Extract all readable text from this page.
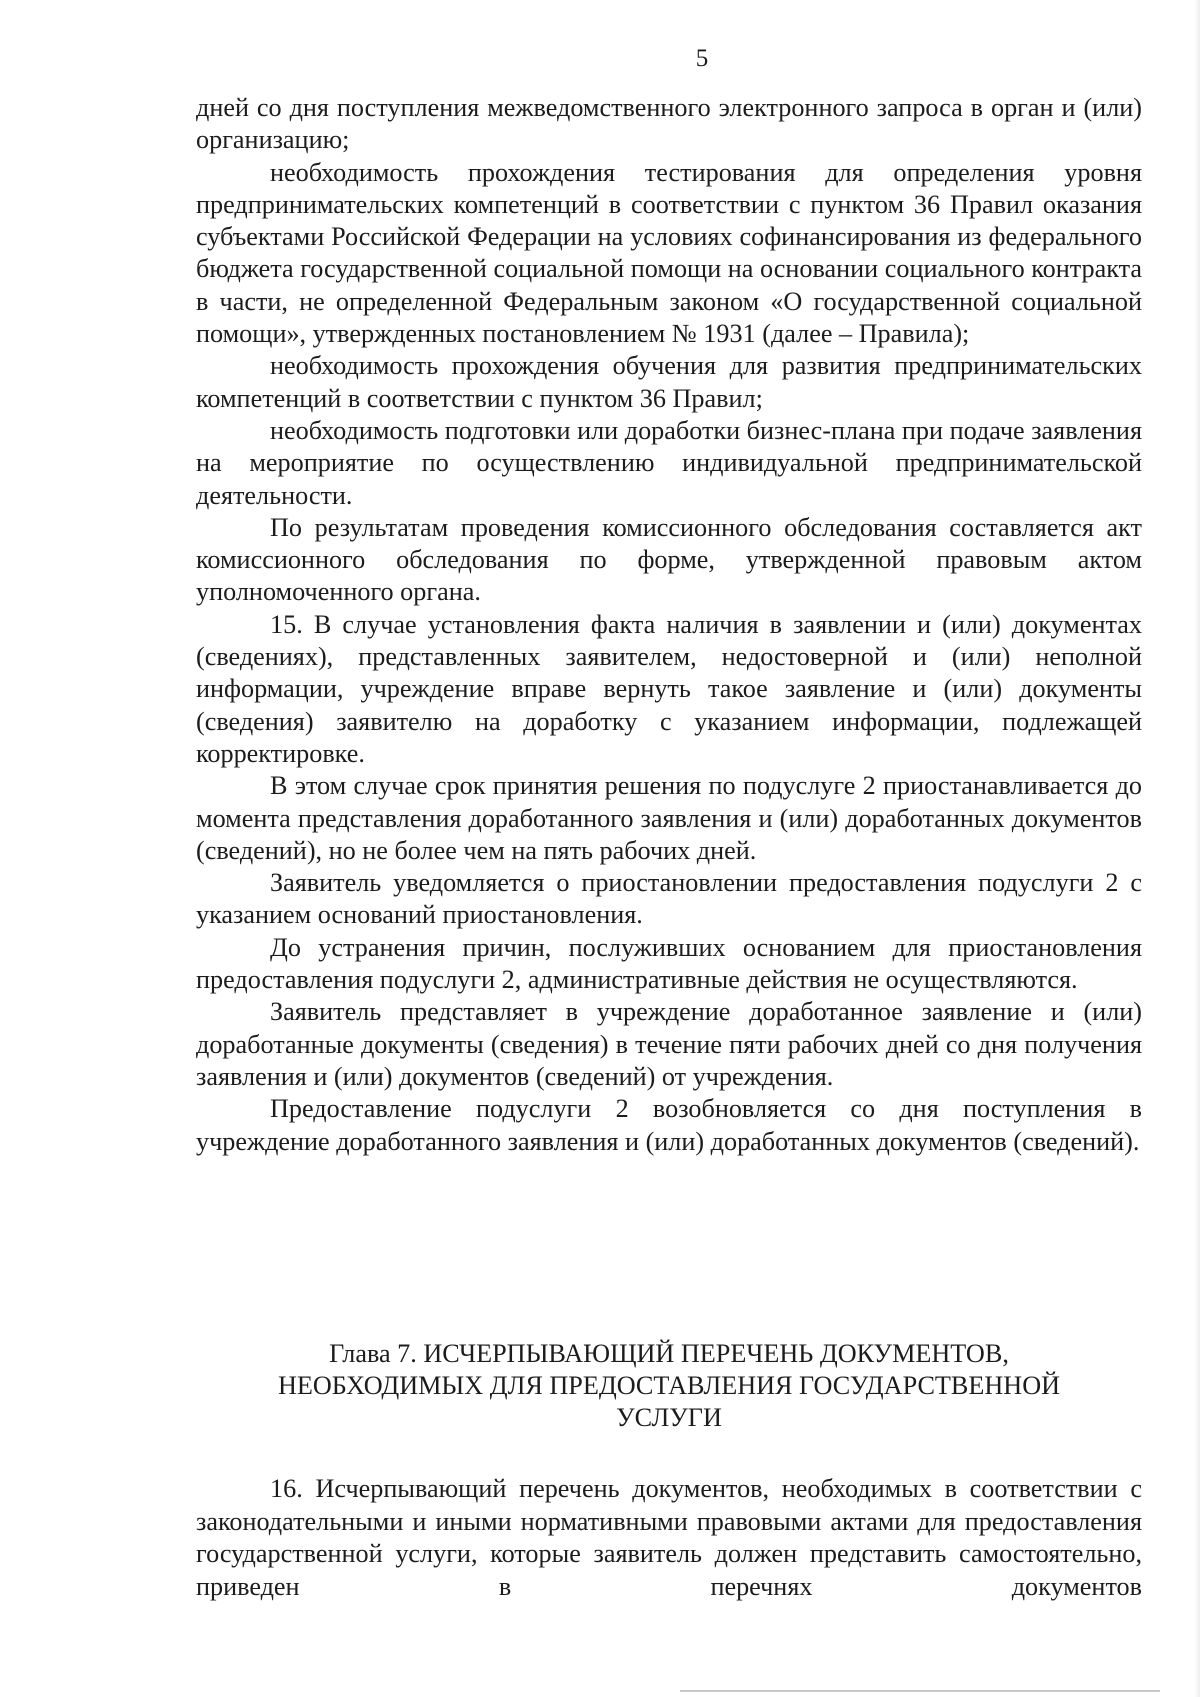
5

дней со дня поступления межведомственного электронного запроса в орган и (или) организацию;

необходимость прохождения тестирования для определения уровня предпринимательских компетенций в соответствии с пунктом 36 Правил оказания субъектами Российской Федерации на условиях софинансирования из федерального бюджета государственной социальной помощи на основании социального контракта в части, не определенной Федеральным законом «О государственной социальной помощи», утвержденных постановлением № 1931 (далее – Правила);

необходимость прохождения обучения для развития предпринимательских компетенций в соответствии с пунктом 36 Правил;

необходимость подготовки или доработки бизнес-плана при подаче заявления на мероприятие по осуществлению индивидуальной предпринимательской деятельности.

По результатам проведения комиссионного обследования составляется акт комиссионного обследования по форме, утвержденной правовым актом уполномоченного органа.

15. В случае установления факта наличия в заявлении и (или) документах (сведениях), представленных заявителем, недостоверной и (или) неполной информации, учреждение вправе вернуть такое заявление и (или) документы (сведения) заявителю на доработку с указанием информации, подлежащей корректировке.

В этом случае срок принятия решения по подуслуге 2 приостанавливается до момента представления доработанного заявления и (или) доработанных документов (сведений), но не более чем на пять рабочих дней.

Заявитель уведомляется о приостановлении предоставления подуслуги 2 с указанием оснований приостановления.

До устранения причин, послуживших основанием для приостановления предоставления подуслуги 2, административные действия не осуществляются.

Заявитель представляет в учреждение доработанное заявление и (или) доработанные документы (сведения) в течение пяти рабочих дней со дня получения заявления и (или) документов (сведений) от учреждения.

Предоставление подуслуги 2 возобновляется со дня поступления в учреждение доработанного заявления и (или) доработанных документов (сведений).

Глава 7. ИСЧЕРПЫВАЮЩИЙ ПЕРЕЧЕНЬ ДОКУМЕНТОВ,
НЕОБХОДИМЫХ ДЛЯ ПРЕДОСТАВЛЕНИЯ ГОСУДАРСТВЕННОЙ
УСЛУГИ

16. Исчерпывающий перечень документов, необходимых в соответствии с законодательными и иными нормативными правовыми актами для предоставления государственной услуги, которые заявитель должен представить самостоятельно, приведен в перечнях документов
